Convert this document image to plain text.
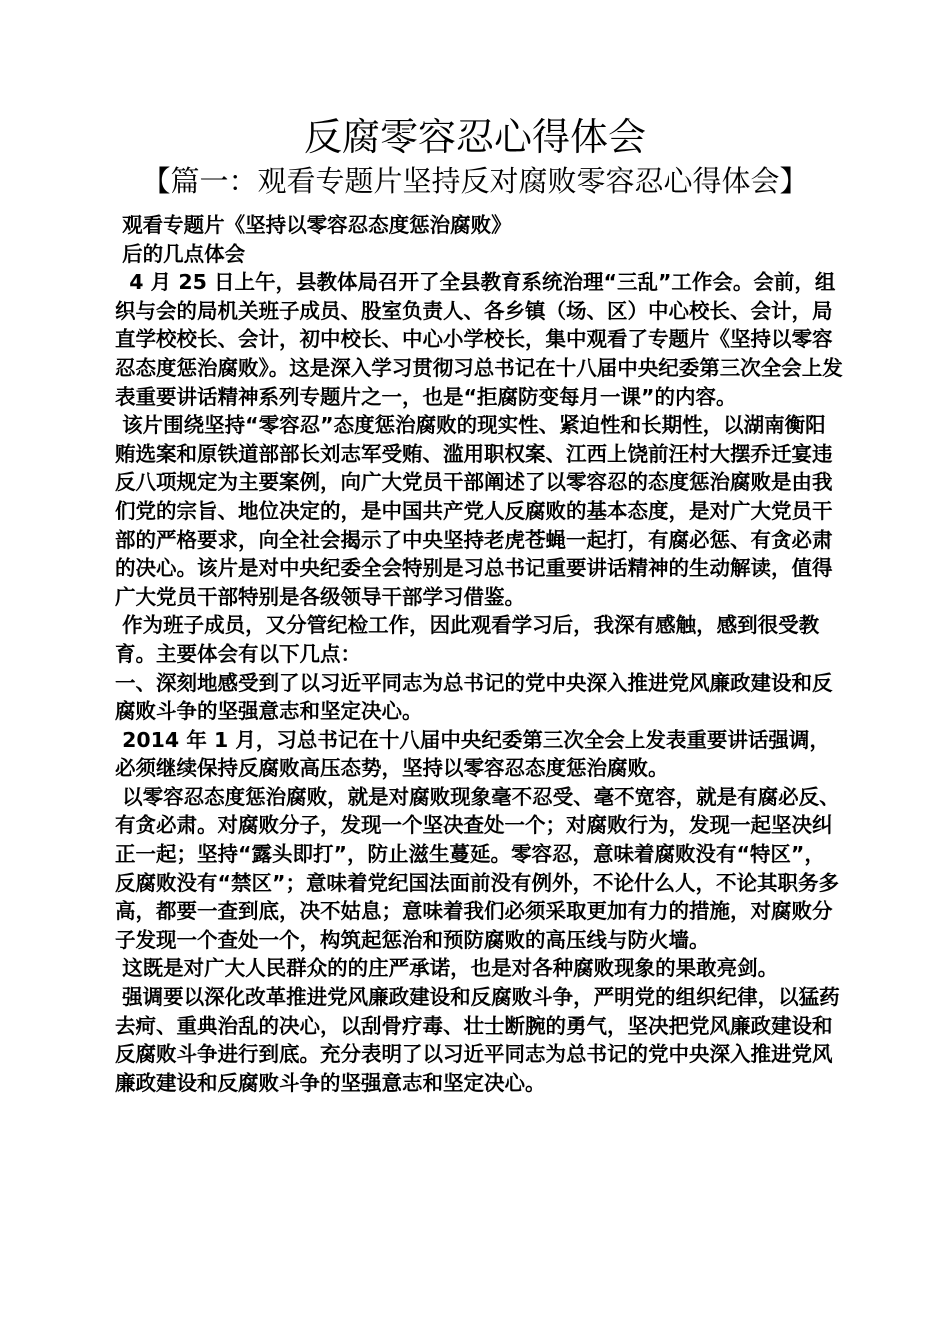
反腐零容忍心得体会
【篇一：观看专题片坚持反对腐败零容忍心得体会】

观看专题片《坚持以零容忍态度惩治腐败》

后的几点体会

4 月 25 日上午，县教体局召开了全县教育系统治理“三乱”工作会。会前，组织与会的局机关班子成员、股室负责人、各乡镇（场、区）中心校长、会计，局直学校校长、会计，初中校长、中心小学校长，集中观看了专题片《坚持以零容忍态度惩治腐败》。这是深入学习贯彻习总书记在十八届中央纪委第三次全会上发表重要讲话精神系列专题片之一，也是“拒腐防变每月一课”的内容。

该片围绕坚持“零容忍”态度惩治腐败的现实性、紧迫性和长期性，以湖南衡阳贿选案和原铁道部部长刘志军受贿、滥用职权案、江西上饶前汪村大摆乔迁宴违反八项规定为主要案例，向广大党员干部阐述了以零容忍的态度惩治腐败是由我们党的宗旨、地位决定的，是中国共产党人反腐败的基本态度，是对广大党员干部的严格要求，向全社会揭示了中央坚持老虎苍蝇一起打，有腐必惩、有贪必肃的决心。该片是对中央纪委全会特别是习总书记重要讲话精神的生动解读，值得广大党员干部特别是各级领导干部学习借鉴。

作为班子成员，又分管纪检工作，因此观看学习后，我深有感触，感到很受教育。主要体会有以下几点：

一、深刻地感受到了以习近平同志为总书记的党中央深入推进党风廉政建设和反腐败斗争的坚强意志和坚定决心。

2014 年 1 月，习总书记在十八届中央纪委第三次全会上发表重要讲话强调，必须继续保持反腐败高压态势，坚持以零容忍态度惩治腐败。

以零容忍态度惩治腐败，就是对腐败现象毫不忍受、毫不宽容，就是有腐必反、有贪必肃。对腐败分子，发现一个坚决查处一个；对腐败行为，发现一起坚决纠正一起；坚持“露头即打”，防止滋生蔓延。零容忍，意味着腐败没有“特区”，反腐败没有“禁区”；意味着党纪国法面前没有例外，不论什么人，不论其职务多高，都要一查到底，决不姑息；意味着我们必须采取更加有力的措施，对腐败分子发现一个查处一个，构筑起惩治和预防腐败的高压线与防火墙。

这既是对广大人民群众的的庄严承诺，也是对各种腐败现象的果敢亮剑。

强调要以深化改革推进党风廉政建设和反腐败斗争，严明党的组织纪律，以猛药去疴、重典治乱的决心，以刮骨疗毒、壮士断腕的勇气，坚决把党风廉政建设和反腐败斗争进行到底。充分表明了以习近平同志为总书记的党中央深入推进党风廉政建设和反腐败斗争的坚强意志和坚定决心。
